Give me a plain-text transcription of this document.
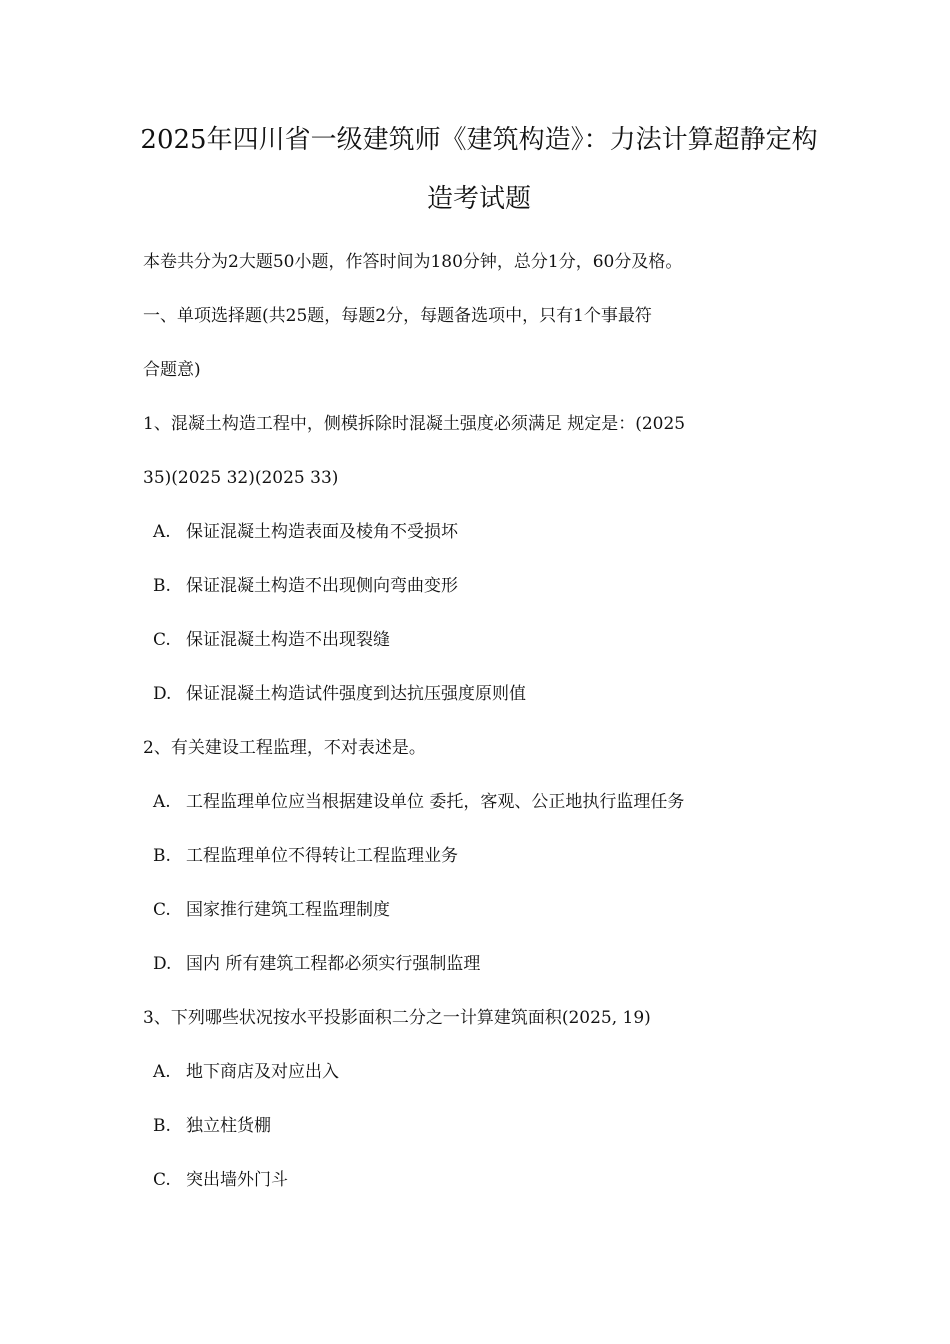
2025年四川省一级建筑师《建筑构造》：力法计算超静定构
造考试题
本卷共分为2大题50小题，作答时间为180分钟，总分1分，60分及格。
一、单项选择题(共25题，每题2分，每题备选项中，只有1个事最符
合题意)
1、混凝土构造工程中，侧模拆除时混凝土强度必须满足 规定是：(2025
35)(2025 32)(2025 33)
A. 保证混凝土构造表面及棱角不受损坏
B. 保证混凝土构造不出现侧向弯曲变形
C. 保证混凝土构造不出现裂缝
D. 保证混凝土构造试件强度到达抗压强度原则值
2、有关建设工程监理，不对表述是。
A. 工程监理单位应当根据建设单位 委托，客观、公正地执行监理任务
B. 工程监理单位不得转让工程监理业务
C. 国家推行建筑工程监理制度
D. 国内 所有建筑工程都必须实行强制监理
3、下列哪些状况按水平投影面积二分之一计算建筑面积(2025, 19)
A. 地下商店及对应出入
B. 独立柱货棚
C. 突出墙外门斗
